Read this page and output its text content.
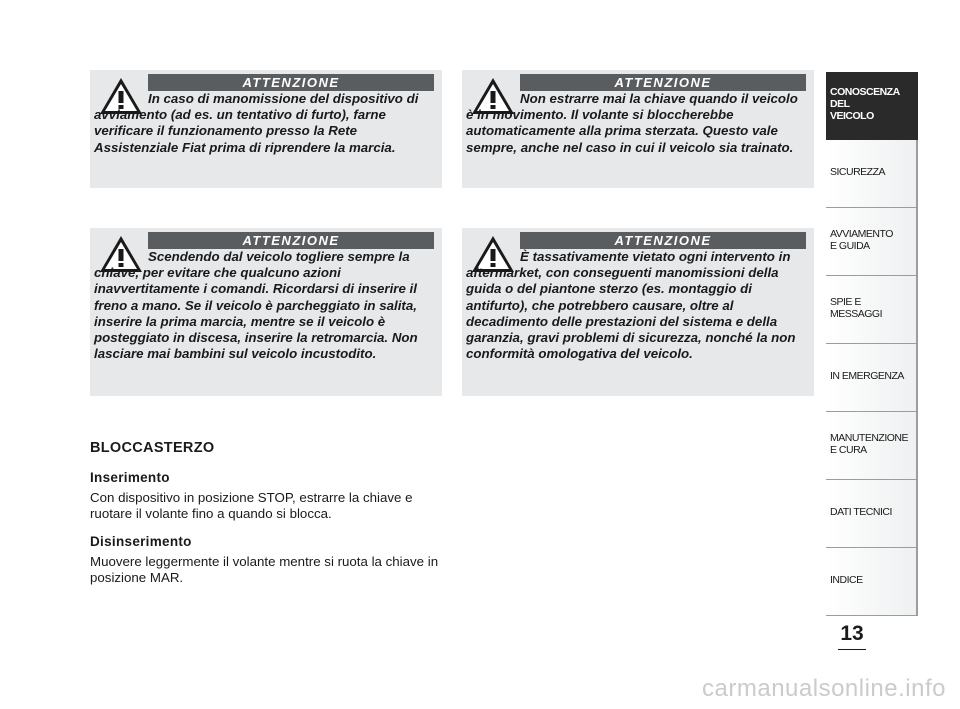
ATTENZIONE

In caso di manomissione del dispositivo di avviamento (ad es. un tentativo di furto), farne verificare il funzionamento presso la Rete Assistenziale Fiat prima di riprendere la marcia.

ATTENZIONE

Non estrarre mai la chiave quando il veicolo è in movimento. Il volante si bloccherebbe automaticamente alla prima sterzata. Questo vale sempre, anche nel caso in cui il veicolo sia trainato.

ATTENZIONE

Scendendo dal veicolo togliere sempre la chiave, per evitare che qualcuno azioni inavvertitamente i comandi. Ricordarsi di inserire il freno a mano. Se il veicolo è parcheggiato in salita, inserire la prima marcia, mentre se il veicolo è posteggiato in discesa, inserire la retromarcia. Non lasciare mai bambini sul veicolo incustodito.

ATTENZIONE

È tassativamente vietato ogni intervento in aftermarket, con conseguenti manomissioni della guida o del piantone sterzo (es. montaggio di antifurto), che potrebbero causare, oltre al decadimento delle prestazioni del sistema e della garanzia, gravi problemi di sicurezza, nonché la non conformità omologativa del veicolo.

BLOCCASTERZO
Inserimento

Con dispositivo in posizione STOP, estrarre la chiave e ruotare il volante fino a quando si blocca.

Disinserimento

Muovere leggermente il volante mentre si ruota la chiave in posizione MAR.

CONOSCENZA
DEL
VEICOLO
SICUREZZA
AVVIAMENTO
E GUIDA
SPIE E
MESSAGGI
IN EMERGENZA
MANUTENZIONE
E CURA
DATI TECNICI
INDICE
13
carmanualsonline.info
